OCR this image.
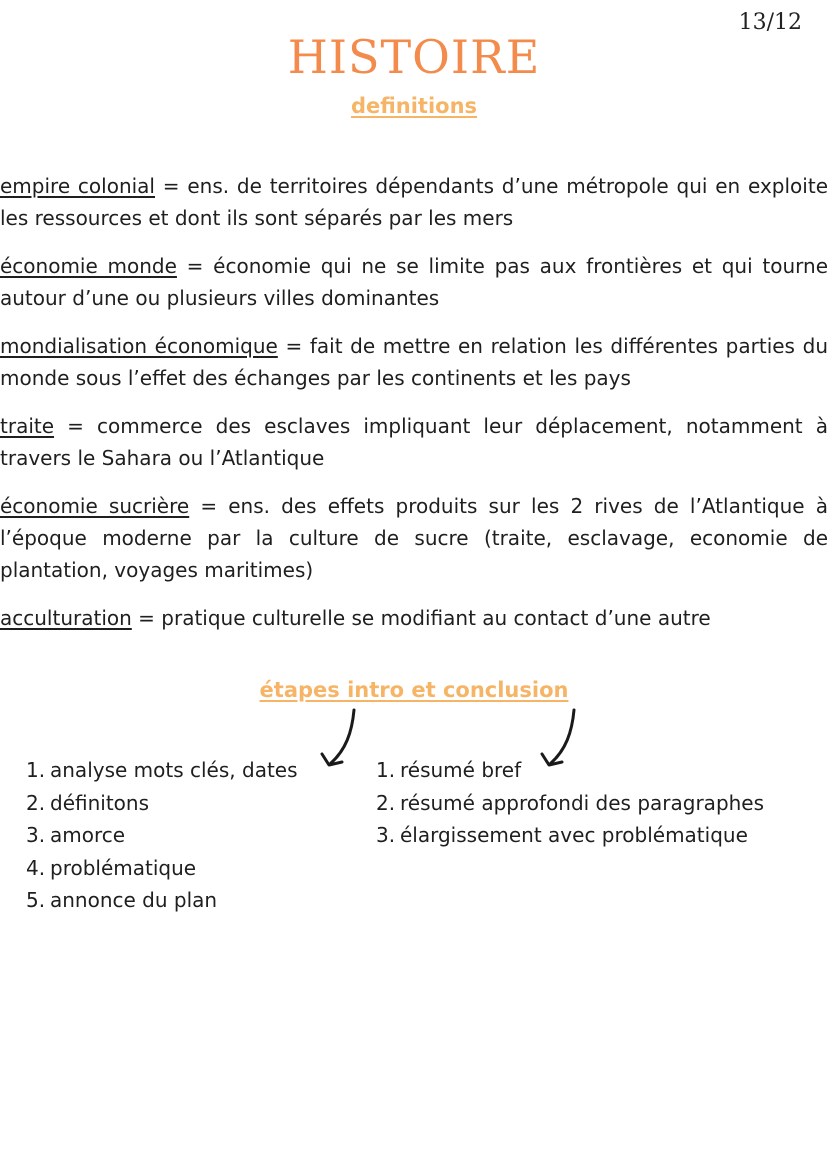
13/12
HISTOIRE
definitions

empire colonial = ens. de territoires dépendants d’une métropole qui en exploite les ressources et dont ils sont séparés par les mers

économie monde = économie qui ne se limite pas aux frontières et qui tourne autour d’une ou plusieurs villes dominantes

mondialisation économique = fait de mettre en relation les différentes parties du monde sous l’effet des échanges par les continents et les pays

traite = commerce des esclaves impliquant leur déplacement, notamment à travers le Sahara ou l’Atlantique

économie sucrière = ens. des effets produits sur les 2 rives de l’Atlantique à l’époque moderne par la culture de sucre (traite, esclavage, economie de plantation, voyages maritimes)

acculturation = pratique culturelle se modifiant au contact d’une autre

étapes intro et conclusion
1. analyse mots clés, dates
2. définitons
3. amorce
4. problématique
5. annonce du plan
1. résumé bref
2. résumé approfondi des paragraphes
3. élargissement avec problématique
